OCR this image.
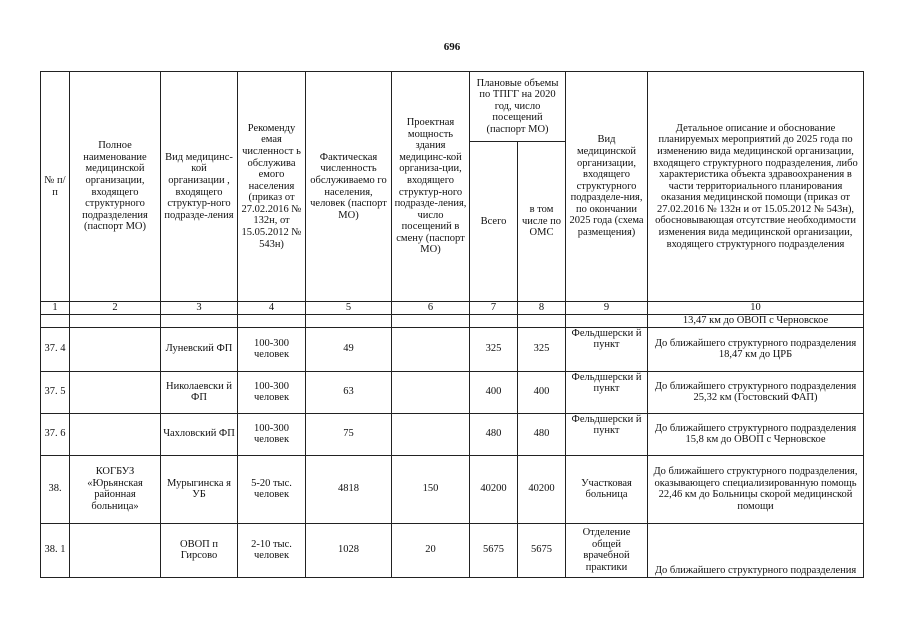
696
№ п/п	Полное наименование медицинской организации, входящего структурного подразделения (паспорт МО)	Вид медицинс-кой организации , входящего структур-ного подразде-ления	Рекоменду емая численност ь обслужива емого населения (приказ от 27.02.2016 № 132н, от 15.05.2012 № 543н)	Фактическая численность обслуживаемо го населения, человек (паспорт МО)	Проектная мощность здания медицинс-кой организа-ции, входящего структур-ного подразде-ления, число посещений в смену (паспорт МО)	Плановые объемы по ТПГГ на 2020 год, число посещений (паспорт МО)		Вид медицинской организации, входящего структурного подразделе-ния, по окончании 2025 года (схема размещения)	Детальное описание и обоснование планируемых мероприятий до 2025 года по изменению вида медицинской организации, входящего структурного подразделения, либо характеристика объекта здравоохранения в части территориального планирования оказания медицинской помощи (приказ от 27.02.2016 № 132н и от 15.05.2012 № 543н), обосновывающая отсутствие необходимости изменения вида медицинской организации, входящего структурного подразделения
						Всего	в том числе по ОМС		
1	2	3	4	5	6	7	8	9	10
									13,47 км до ОВОП с Черновское
37. 4		Луневский ФП	100-300 человек	49		325	325	Фельдшерски й пункт	До ближайшего структурного подразделения 18,47 км до ЦРБ
37. 5		Николаевски й ФП	100-300 человек	63		400	400	Фельдшерски й пункт	До ближайшего структурного подразделения 25,32 км (Гостовский ФАП)
37. 6		Чахловский ФП	100-300 человек	75		480	480	Фельдшерски й пункт	До ближайшего структурного подразделения 15,8 км до ОВОП с Черновское
38.	КОГБУЗ «Юрьянская районная больница»	Мурыгинска я УБ	5-20 тыс. человек	4818	150	40200	40200	Участковая больница	До ближайшего структурного подразделения, оказывающего специализированную помощь 22,46 км до Больницы скорой медицинской помощи
38. 1		ОВОП п Гирсово	2-10 тыс. человек	1028	20	5675	5675	Отделение общей врачебной практики	До ближайшего структурного подразделения
